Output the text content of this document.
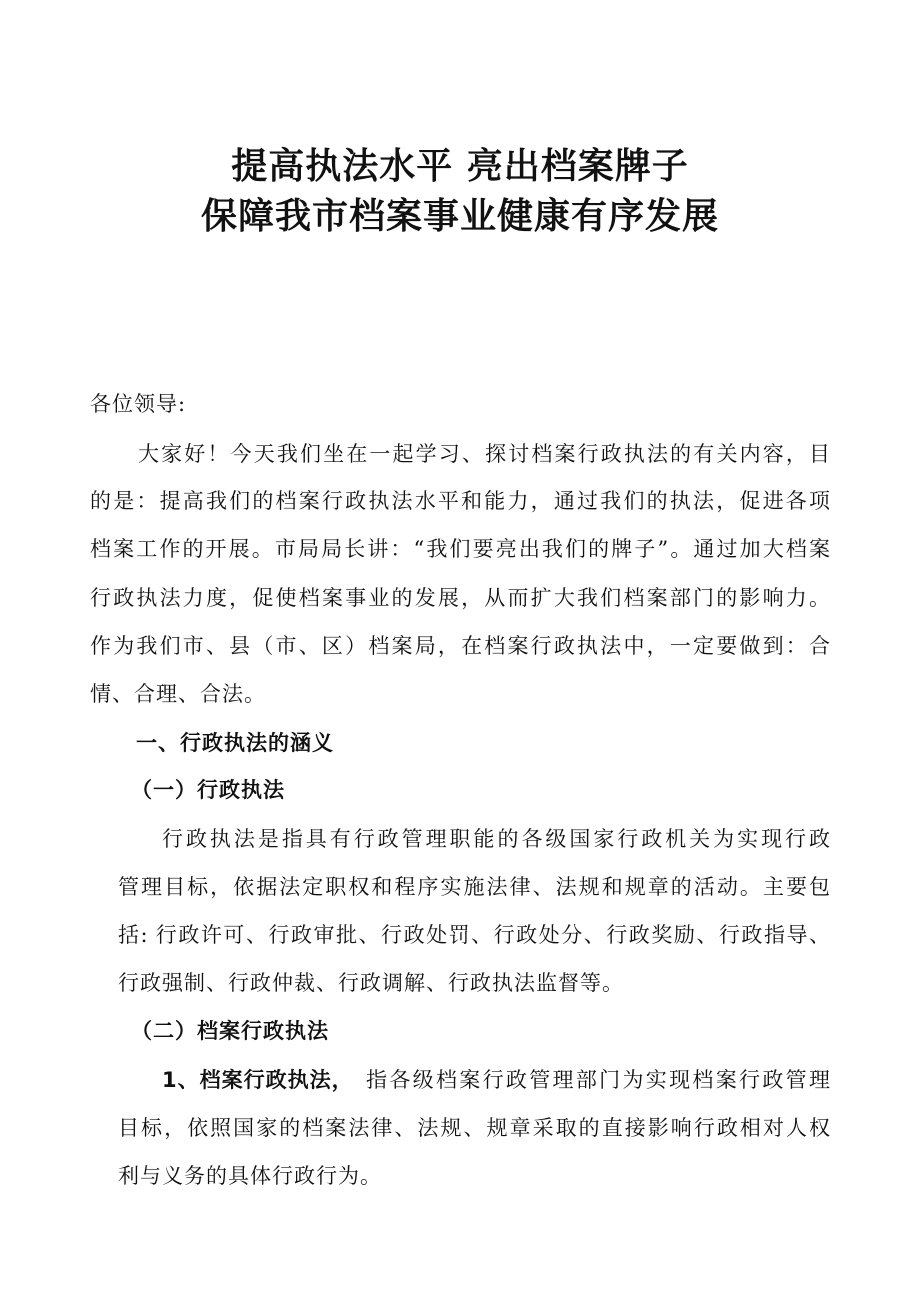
提高执法水平 亮出档案牌子
保障我市档案事业健康有序发展
各位领导:
大家好！今天我们坐在一起学习、探讨档案行政执法的有关内容，目
的是：提高我们的档案行政执法水平和能力，通过我们的执法，促进各项
档案工作的开展。市局局长讲：“我们要亮出我们的牌子”。通过加大档案
行政执法力度，促使档案事业的发展，从而扩大我们档案部门的影响力。
作为我们市、县（市、区）档案局，在档案行政执法中，一定要做到：合
情、合理、合法。
一、行政执法的涵义
（一）行政执法
行政执法是指具有行政管理职能的各级国家行政机关为实现行政
管理目标，依据法定职权和程序实施法律、法规和规章的活动。主要包
括: 行政许可、行政审批、行政处罚、行政处分、行政奖励、行政指导、
行政强制、行政仲裁、行政调解、行政执法监督等。
（二）档案行政执法
1、档案行政执法， 指各级档案行政管理部门为实现档案行政管理
目标，依照国家的档案法律、法规、规章采取的直接影响行政相对人权
利与义务的具体行政行为。
